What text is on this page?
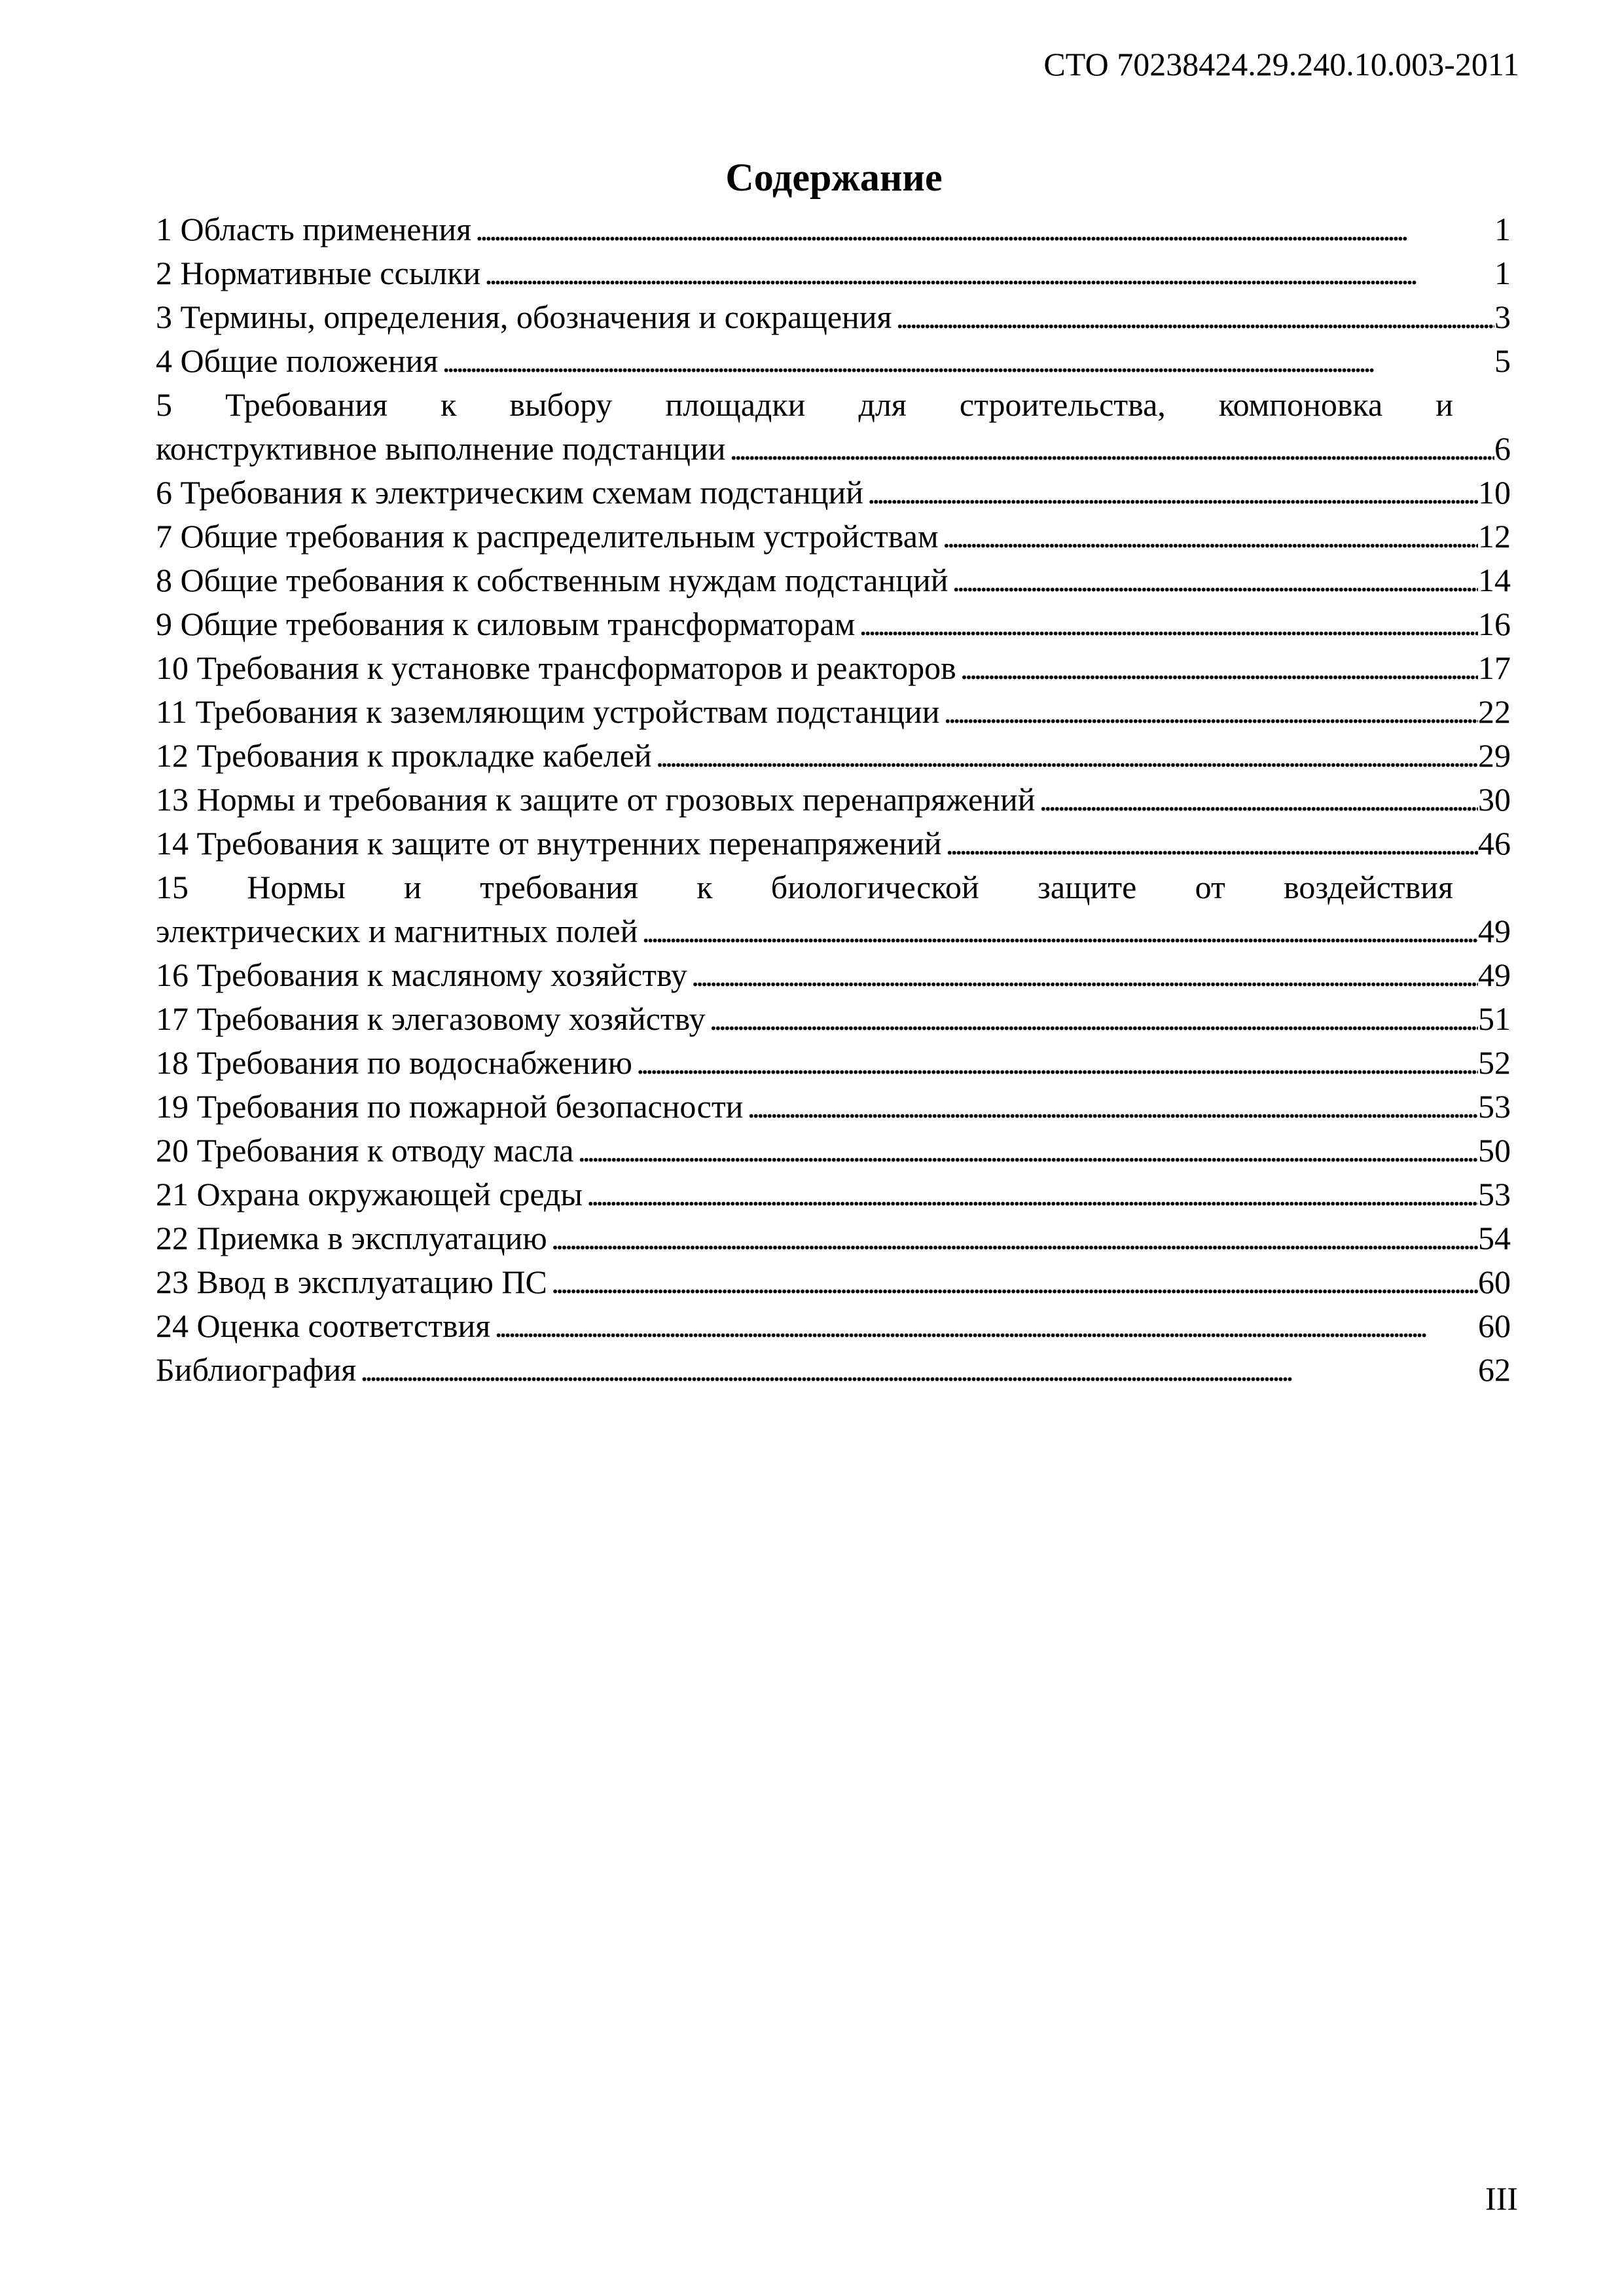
СТО 70238424.29.240.10.003-2011
Содержание
1 Область применения . . .	1
2 Нормативные ссылки . . .	1
3 Термины, определения, обозначения и сокращения . . .	3
4 Общие положения . . .	5
5 Требования к выбору площадки для строительства, компоновка и
конструктивное выполнение подстанции . . .	6
6 Требования к электрическим схемам подстанций . . .	10
7 Общие требования к распределительным устройствам . . .	12
8 Общие требования к собственным нуждам подстанций . . .	14
9 Общие требования к силовым трансформаторам . . .	16
10 Требования к установке трансформаторов и реакторов . . .	17
11 Требования к заземляющим устройствам подстанции . . .	22
12 Требования к прокладке кабелей . . .	29
13 Нормы и требования к защите от грозовых перенапряжений . . .	30
14 Требования к защите от внутренних перенапряжений . . .	46
15 Нормы и требования к биологической защите от воздействия
электрических и магнитных полей . . .	49
16 Требования к масляному хозяйству . . .	49
17 Требования к элегазовому хозяйству . . .	51
18 Требования по водоснабжению . . .	52
19 Требования по пожарной безопасности . . .	53
20 Требования к отводу масла . . .	50
21 Охрана окружающей среды . . .	53
22 Приемка в эксплуатацию . . .	54
23 Ввод в эксплуатацию ПС . . .	60
24 Оценка соответствия . . .	60
Библиография . . .	62
III
